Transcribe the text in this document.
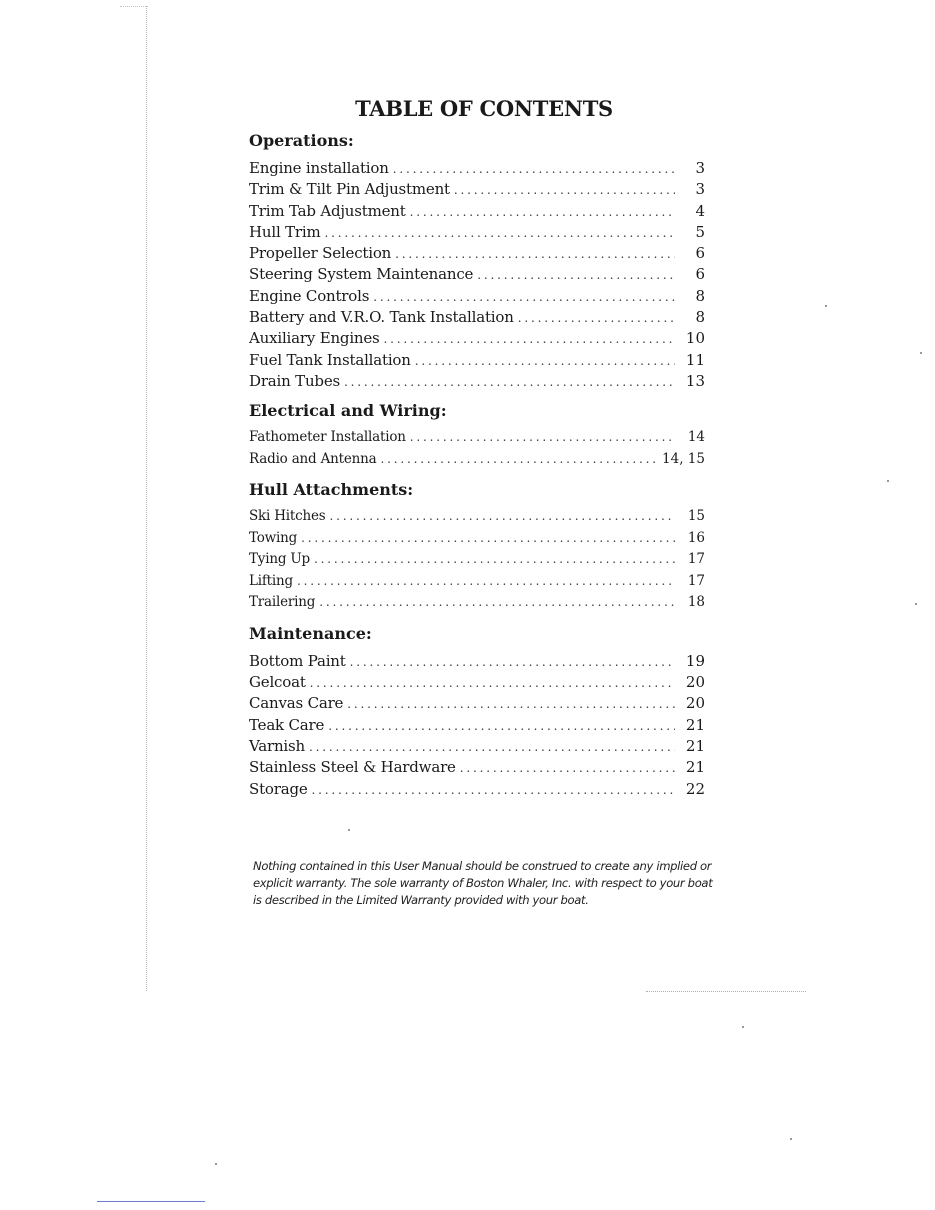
TABLE OF CONTENTS
Operations:
Engine installation . . .	3
Trim & Tilt Pin Adjustment . . .	3
Trim Tab Adjustment . . .	4
Hull Trim . . .	5
Propeller Selection . . .	6
Steering System Maintenance . . .	6
Engine Controls . . .	8
Battery and V.R.O. Tank Installation . . .	8
Auxiliary Engines . . .	10
Fuel Tank Installation . . .	11
Drain Tubes . . .	13
Electrical and Wiring:
Fathometer Installation . . .	14
Radio and Antenna . . .	14, 15
Hull Attachments:
Ski Hitches . . .	15
Towing . . .	16
Tying Up . . .	17
Lifting . . .	17
Trailering . . .	18
Maintenance:
Bottom Paint . . .	19
Gelcoat . . .	20
Canvas Care . . .	20
Teak Care . . .	21
Varnish . . .	21
Stainless Steel & Hardware . . .	21
Storage . . .	22

Nothing contained in this User Manual should be construed to create any implied or explicit warranty. The sole warranty of Boston Whaler, Inc. with respect to your boat is described in the Limited Warranty provided with your boat.
